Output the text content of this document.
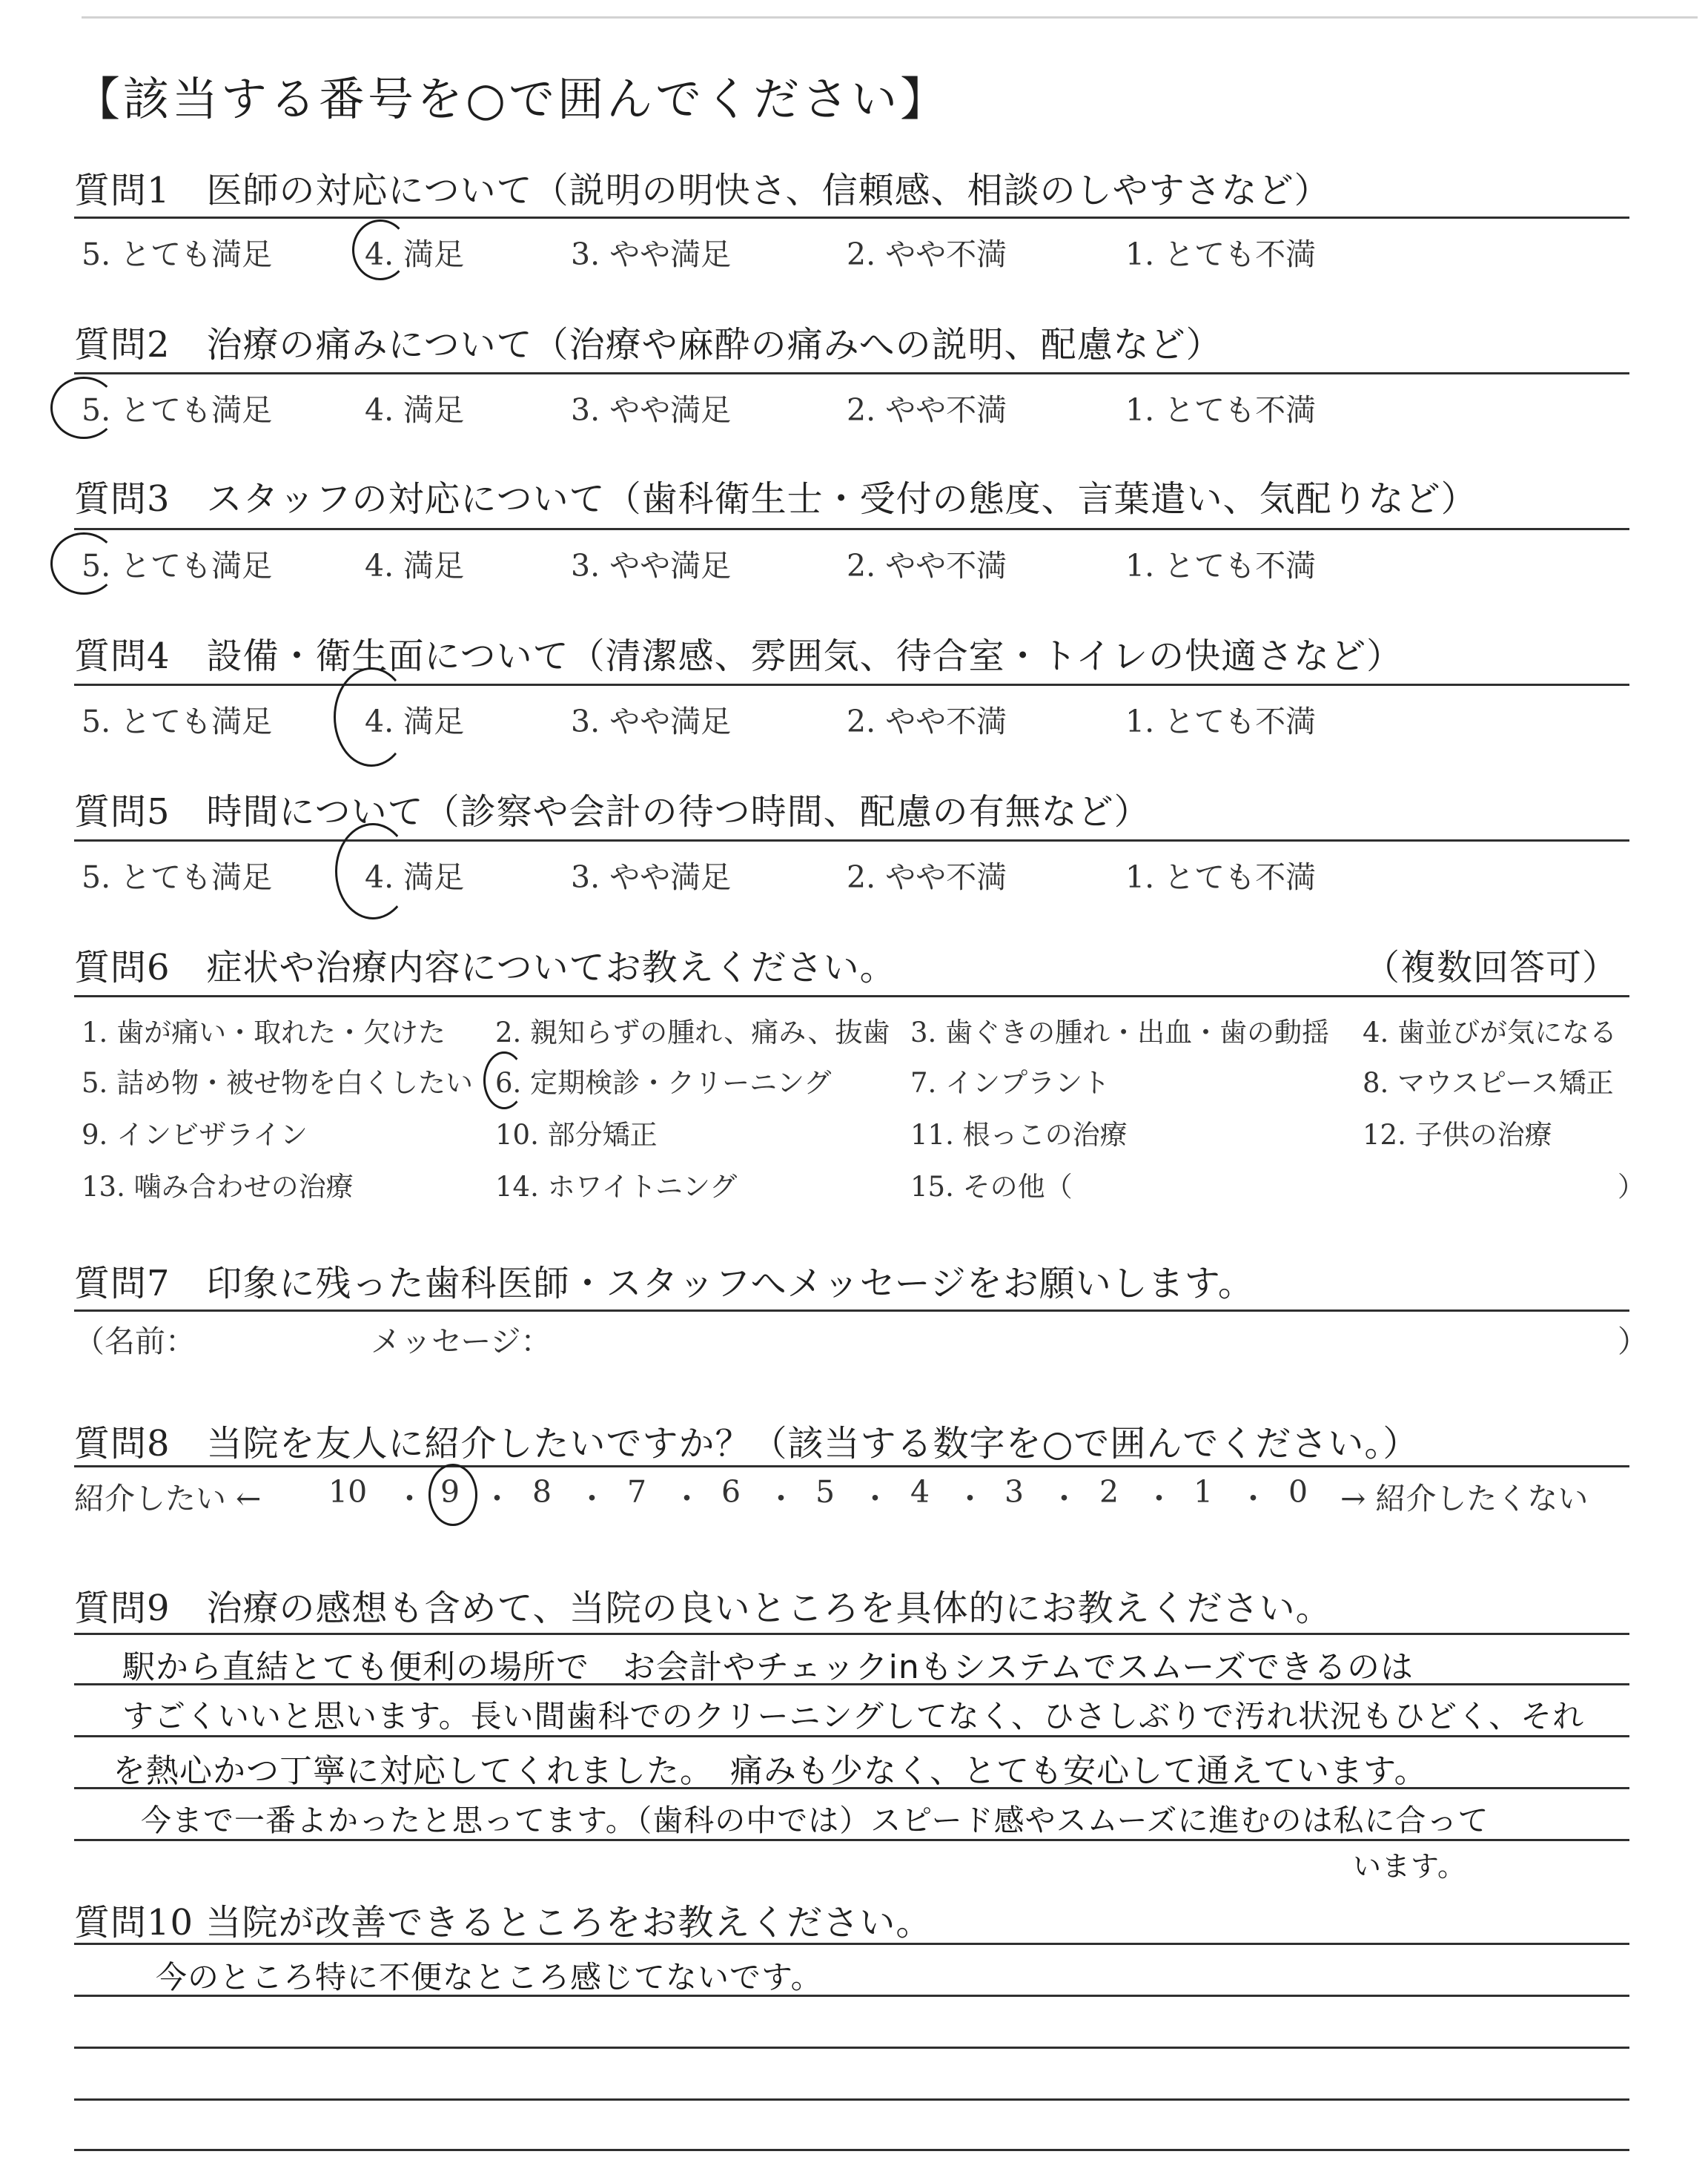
【該当する番号を○で囲んでください】
質問1　医師の対応について（説明の明快さ、信頼感、相談のしやすさなど）
5. とても満足	4. 満足	3. やや満足	2. やや不満	1. とても不満
質問2　治療の痛みについて（治療や麻酔の痛みへの説明、配慮など）
5. とても満足	4. 満足	3. やや満足	2. やや不満	1. とても不満
質問3　スタッフの対応について（歯科衛生士・受付の態度、言葉遣い、気配りなど）
5. とても満足	4. 満足	3. やや満足	2. やや不満	1. とても不満
質問4　設備・衛生面について（清潔感、雰囲気、待合室・トイレの快適さなど）
5. とても満足	4. 満足	3. やや満足	2. やや不満	1. とても不満
質問5　時間について（診察や会計の待つ時間、配慮の有無など）
5. とても満足	4. 満足	3. やや満足	2. やや不満	1. とても不満
質問6　症状や治療内容についてお教えください。	（複数回答可）
1. 歯が痛い・取れた・欠けた 2. 親知らずの腫れ、痛み、抜歯 3. 歯ぐきの腫れ・出血・歯の動揺 4. 歯並びが気になる
5. 詰め物・被せ物を白くしたい 6. 定期検診・クリーニング	7. インプラント	8. マウスピース矯正
9. インビザライン	10. 部分矯正	11. 根っこの治療	12. 子供の治療
13. 噛み合わせの治療	14. ホワイトニング	15. その他（	）
質問7　印象に残った歯科医師・スタッフへメッセージをお願いします。
（名前：	メッセージ：	）
質問8　当院を友人に紹介したいですか？（該当する数字を○で囲んでください。）
紹介したい ← 10 ・ 9 ・ 8 ・ 7 ・ 6 ・ 5 ・ 4 ・ 3 ・ 2 ・ 1 ・ 0 → 紹介したくない
質問9　治療の感想も含めて、当院の良いところを具体的にお教えください。
駅から直結とても便利の場所で　お会計やチェックinもシステムでスムーズできるのは
すごくいいと思います。長い間歯科でのクリーニングしてなく、ひさしぶりで汚れ状況もひどく、それ
を熱心かつ丁寧に対応してくれました。　痛みも少なく、とても安心して通えています。
今まで一番よかったと思ってます。（歯科の中では）スピード感やスムーズに進むのは私に合って
います。
質問10 当院が改善できるところをお教えください。
今のところ特に不便なところ感じてないです。
